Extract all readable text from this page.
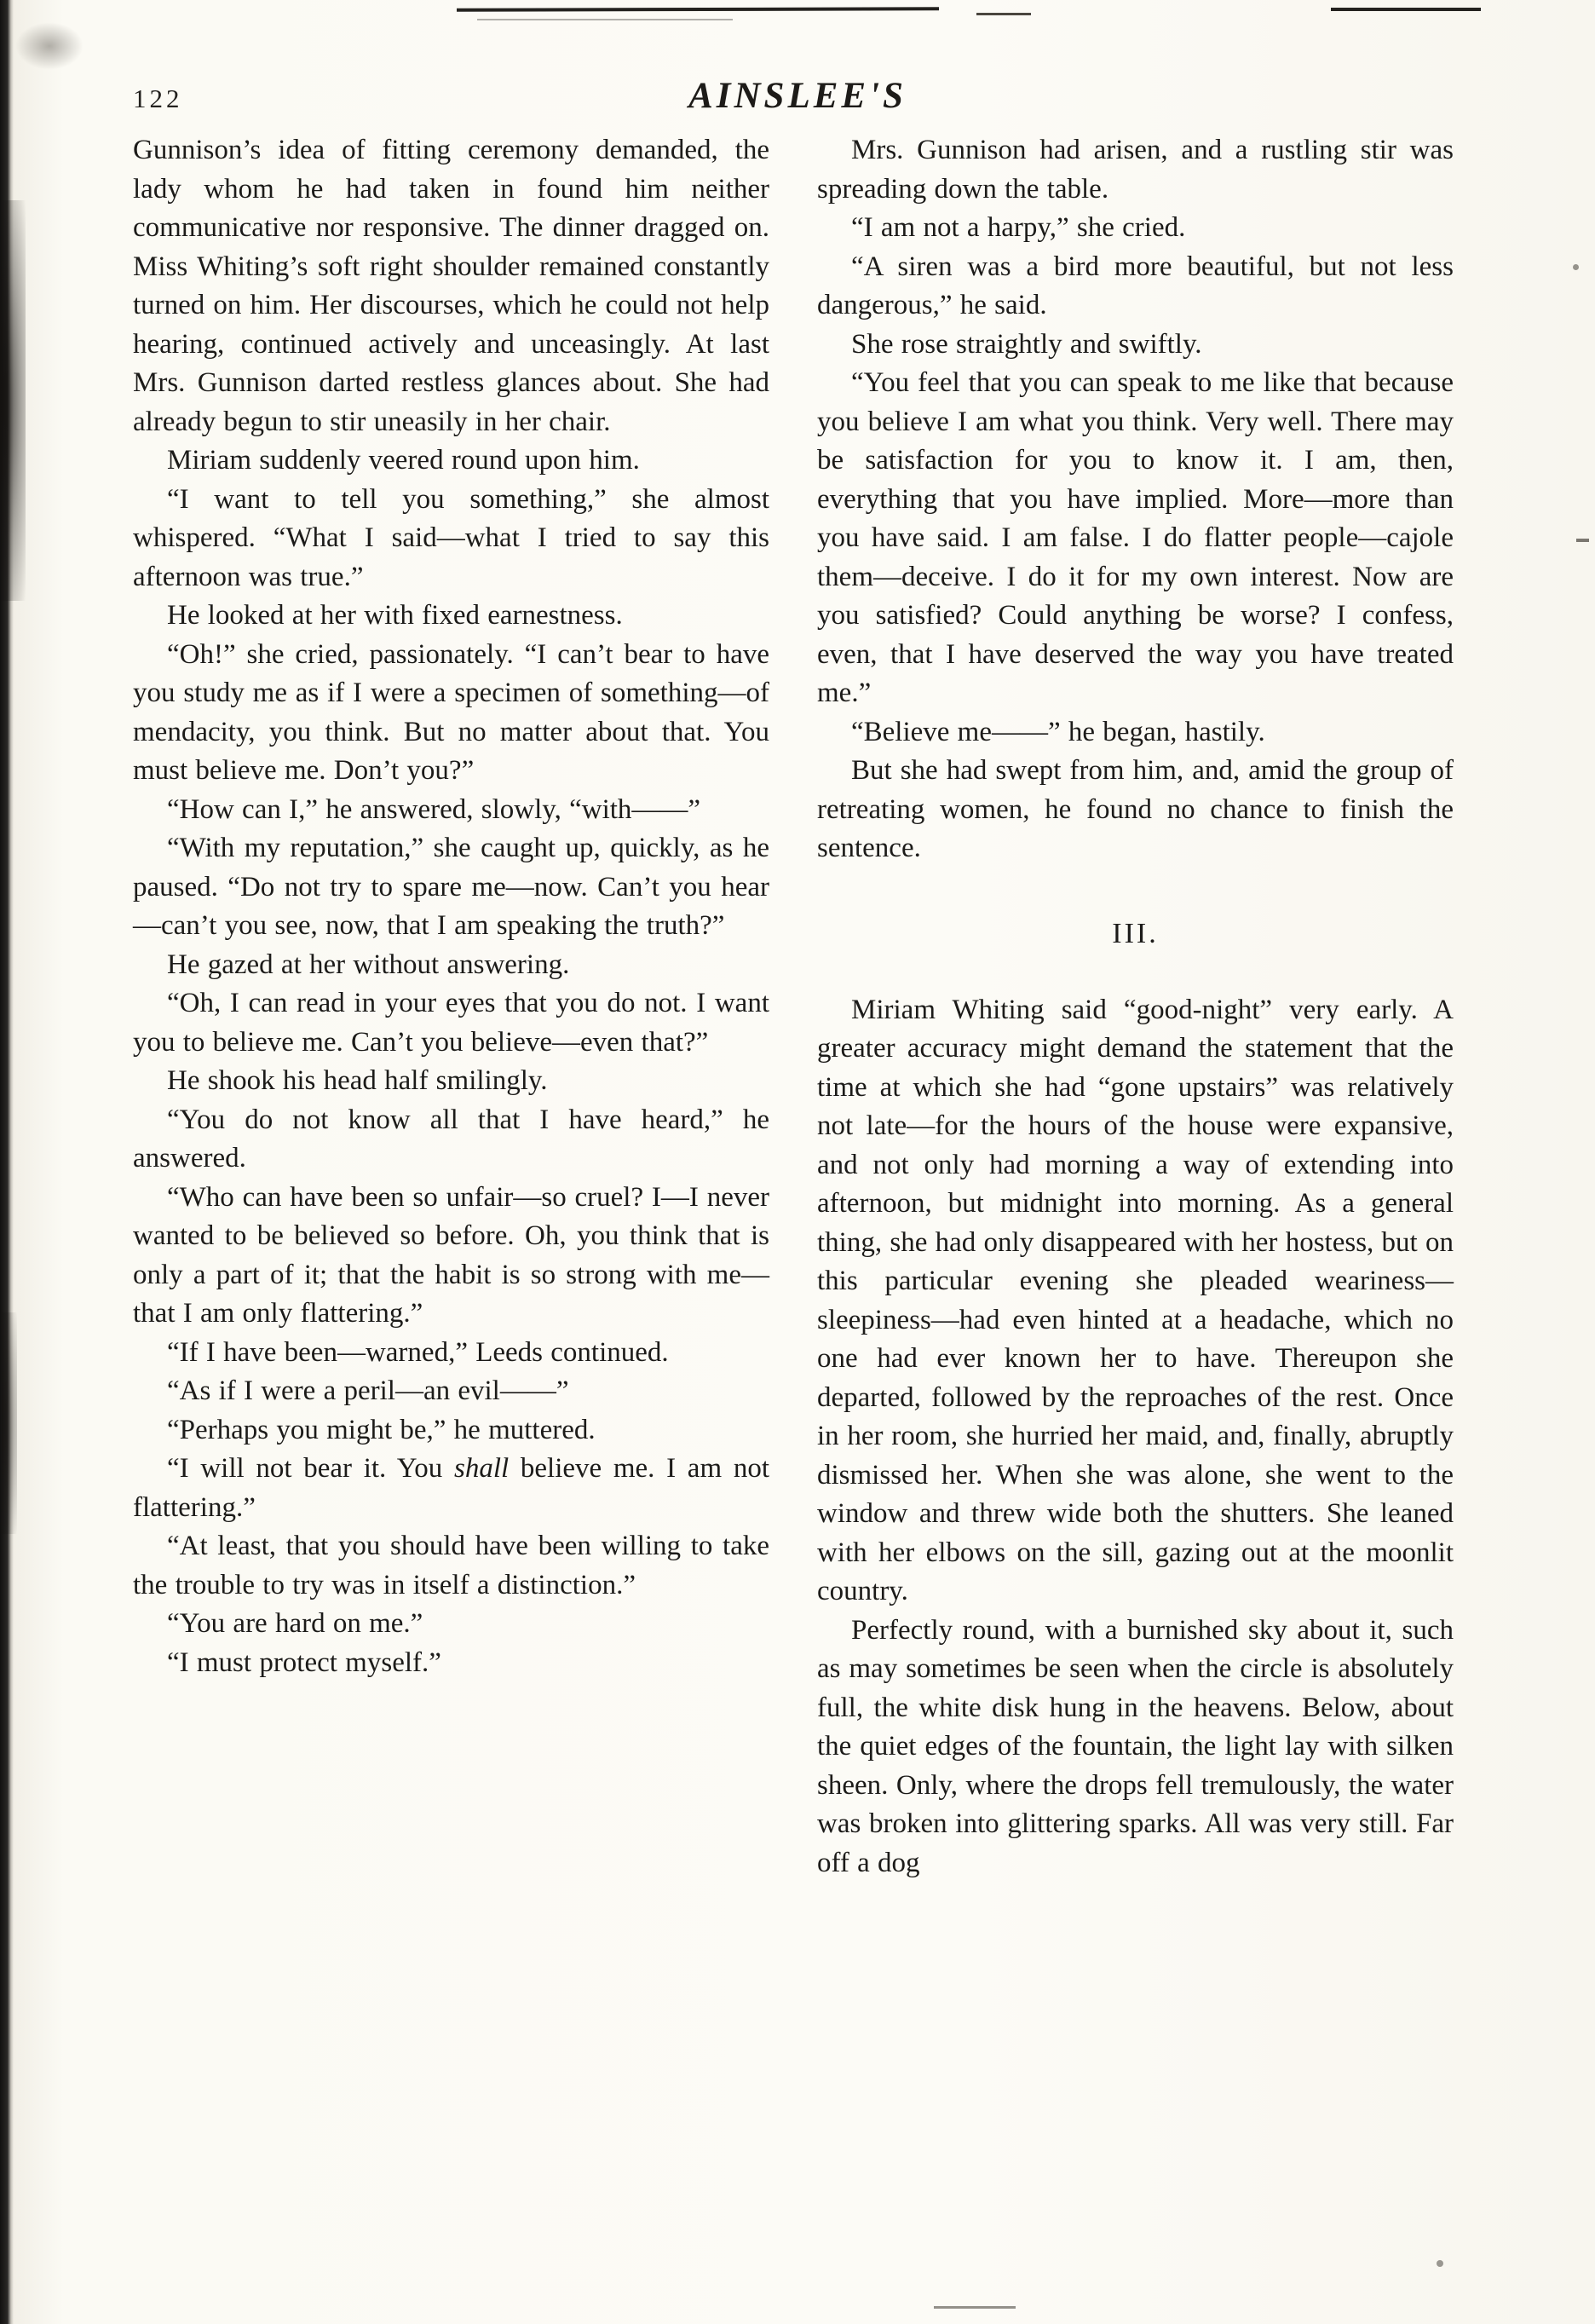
122	AINSLEE'S

Gunnison’s idea of fitting ceremony demanded, the lady whom he had taken in found him neither communicative nor responsive. The dinner dragged on. Miss Whiting’s soft right shoulder remained constantly turned on him. Her discourses, which he could not help hearing, continued actively and unceasingly. At last Mrs. Gunnison darted restless glances about. She had already begun to stir uneasily in her chair.

Miriam suddenly veered round upon him.

“I want to tell you something,” she almost whispered. “What I said—what I tried to say this afternoon was true.”

He looked at her with fixed earnestness.

“Oh!” she cried, passionately. “I can’t bear to have you study me as if I were a specimen of something—of mendacity, you think. But no matter about that. You must believe me. Don’t you?”

“How can I,” he answered, slowly, “with——”

“With my reputation,” she caught up, quickly, as he paused. “Do not try to spare me—now. Can’t you hear—can’t you see, now, that I am speaking the truth?”

He gazed at her without answering.

“Oh, I can read in your eyes that you do not. I want you to believe me. Can’t you believe—even that?”

He shook his head half smilingly.

“You do not know all that I have heard,” he answered.

“Who can have been so unfair—so cruel? I—I never wanted to be believed so before. Oh, you think that is only a part of it; that the habit is so strong with me—that I am only flattering.”

“If I have been—warned,” Leeds continued.

“As if I were a peril—an evil——”

“Perhaps you might be,” he muttered.

“I will not bear it. You shall believe me. I am not flattering.”

“At least, that you should have been willing to take the trouble to try was in itself a distinction.”

“You are hard on me.”

“I must protect myself.”

Mrs. Gunnison had arisen, and a rustling stir was spreading down the table.

“I am not a harpy,” she cried.

“A siren was a bird more beautiful, but not less dangerous,” he said.

She rose straightly and swiftly.

“You feel that you can speak to me like that because you believe I am what you think. Very well. There may be satisfaction for you to know it. I am, then, everything that you have implied. More—more than you have said. I am false. I do flatter people—cajole them—deceive. I do it for my own interest. Now are you satisfied? Could anything be worse? I confess, even, that I have deserved the way you have treated me.”

“Believe me——” he began, hastily.

But she had swept from him, and, amid the group of retreating women, he found no chance to finish the sentence.

III.

Miriam Whiting said “good-night” very early. A greater accuracy might demand the statement that the time at which she had “gone upstairs” was relatively not late—for the hours of the house were expansive, and not only had morning a way of extending into afternoon, but midnight into morning. As a general thing, she had only disappeared with her hostess, but on this particular evening she pleaded weariness—sleepiness—had even hinted at a headache, which no one had ever known her to have. Thereupon she departed, followed by the reproaches of the rest. Once in her room, she hurried her maid, and, finally, abruptly dismissed her. When she was alone, she went to the window and threw wide both the shutters. She leaned with her elbows on the sill, gazing out at the moonlit country.

Perfectly round, with a burnished sky about it, such as may sometimes be seen when the circle is absolutely full, the white disk hung in the heavens. Below, about the quiet edges of the fountain, the light lay with silken sheen. Only, where the drops fell tremulously, the water was broken into glittering sparks. All was very still. Far off a dog
